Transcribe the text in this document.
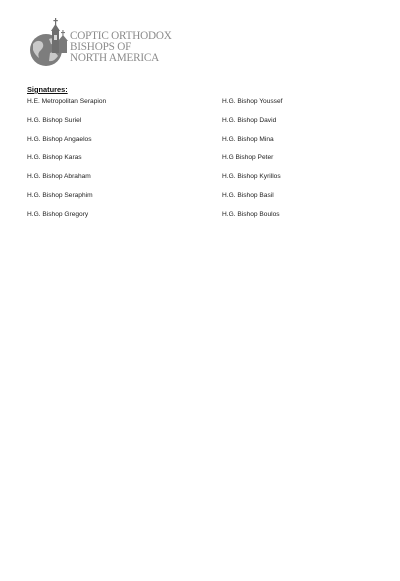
COPTIC ORTHODOX
BISHOPS OF
NORTH AMERICA
Signatures:
H.E. Metropolitan Serapion
H.G. Bishop Suriel
H.G. Bishop Angaelos
H.G. Bishop Karas
H.G. Bishop Abraham
H.G. Bishop Seraphim
H.G. Bishop Gregory
H.G. Bishop Youssef
H.G. Bishop David
H.G. Bishop Mina
H.G Bishop Peter
H.G. Bishop Kyrillos
H.G. Bishop Basil
H.G. Bishop Boulos
